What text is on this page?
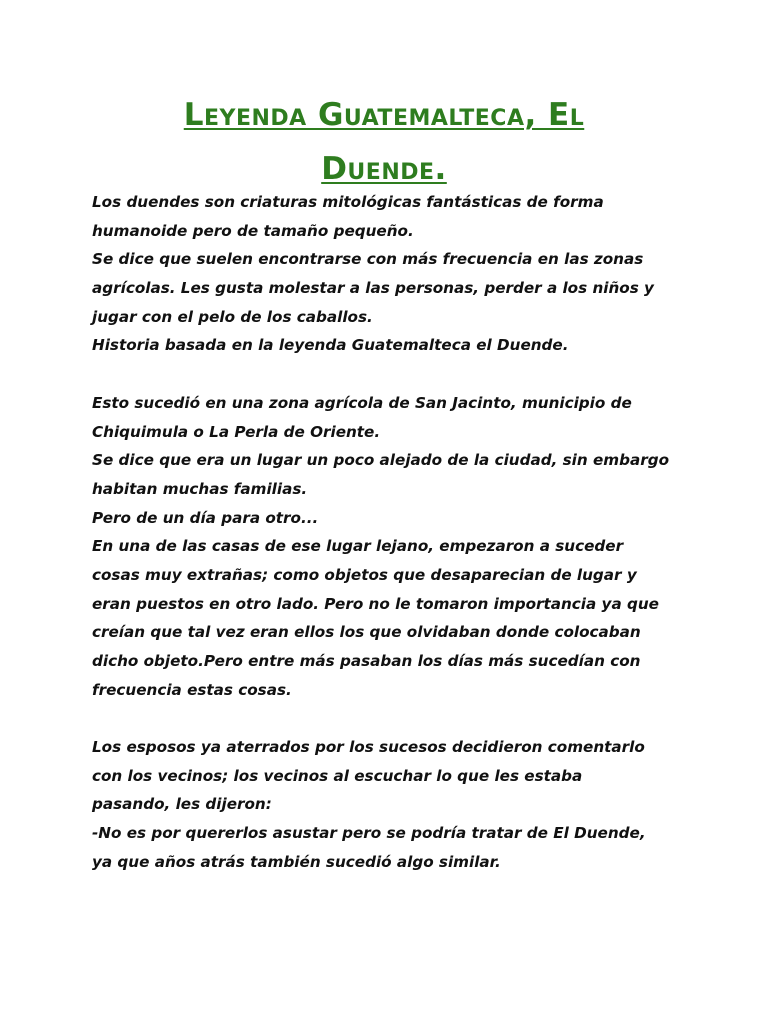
Leyenda Guatemalteca, El
Duende.
Los duendes son criaturas mitológicas fantásticas de forma
humanoide pero de tamaño pequeño.
Se dice que suelen encontrarse con más frecuencia en las zonas
agrícolas. Les gusta molestar a las personas, perder a los niños y
jugar con el pelo de los caballos.
Historia basada en la leyenda Guatemalteca el Duende.
Esto sucedió en una zona agrícola de San Jacinto, municipio de
Chiquimula o La Perla de Oriente.
Se dice que era un lugar un poco alejado de la ciudad, sin embargo
habitan muchas familias.
Pero de un día para otro...
En una de las casas de ese lugar lejano, empezaron a suceder
cosas muy extrañas; como objetos que desaparecian de lugar y
eran puestos en otro lado. Pero no le tomaron importancia ya que
creían que tal vez eran ellos los que olvidaban donde colocaban
dicho objeto.Pero entre más pasaban los días más sucedían con
frecuencia estas cosas.
Los esposos ya aterrados por los sucesos decidieron comentarlo
con los vecinos; los vecinos al escuchar lo que les estaba
pasando, les dijeron:
-No es por quererlos asustar pero se podría tratar de El Duende,
ya que años atrás también sucedió algo similar.
